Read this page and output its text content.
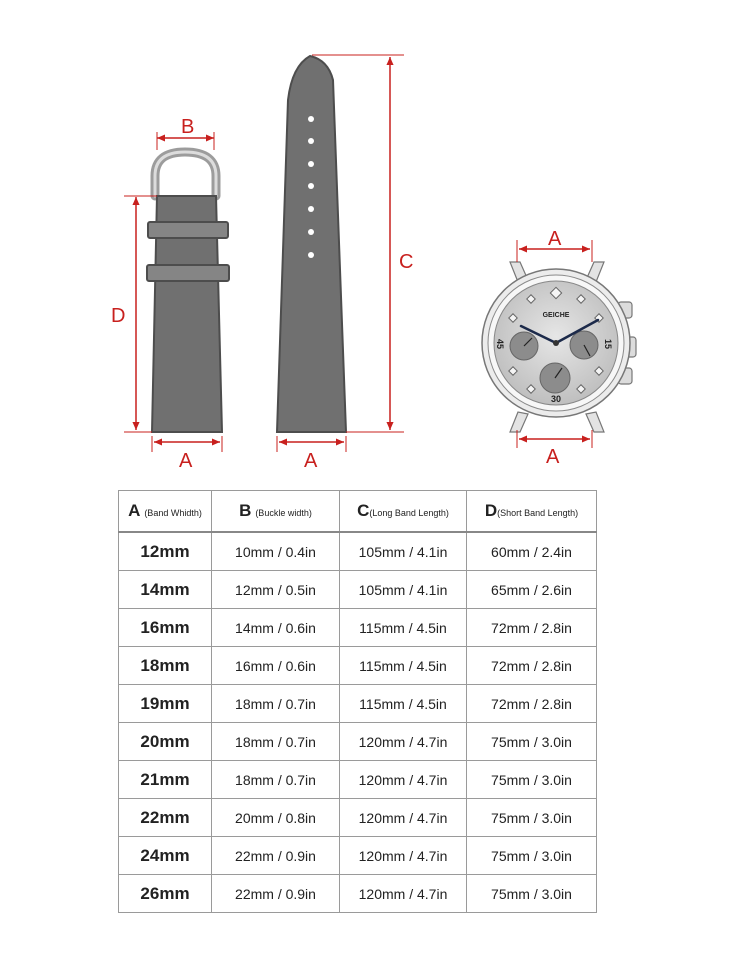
B
D
A
C
A
GEICHE
45	15
30
A
A
A (Band Whidth)	B (Buckle width)	C(Long Band Length)	D(Short Band Length)
12mm	10mm / 0.4in	105mm / 4.1in	60mm / 2.4in
14mm	12mm / 0.5in	105mm / 4.1in	65mm / 2.6in
16mm	14mm / 0.6in	115mm / 4.5in	72mm / 2.8in
18mm	16mm / 0.6in	115mm / 4.5in	72mm / 2.8in
19mm	18mm / 0.7in	115mm / 4.5in	72mm / 2.8in
20mm	18mm / 0.7in	120mm / 4.7in	75mm / 3.0in
21mm	18mm / 0.7in	120mm / 4.7in	75mm / 3.0in
22mm	20mm / 0.8in	120mm / 4.7in	75mm / 3.0in
24mm	22mm / 0.9in	120mm / 4.7in	75mm / 3.0in
26mm	22mm / 0.9in	120mm / 4.7in	75mm / 3.0in
